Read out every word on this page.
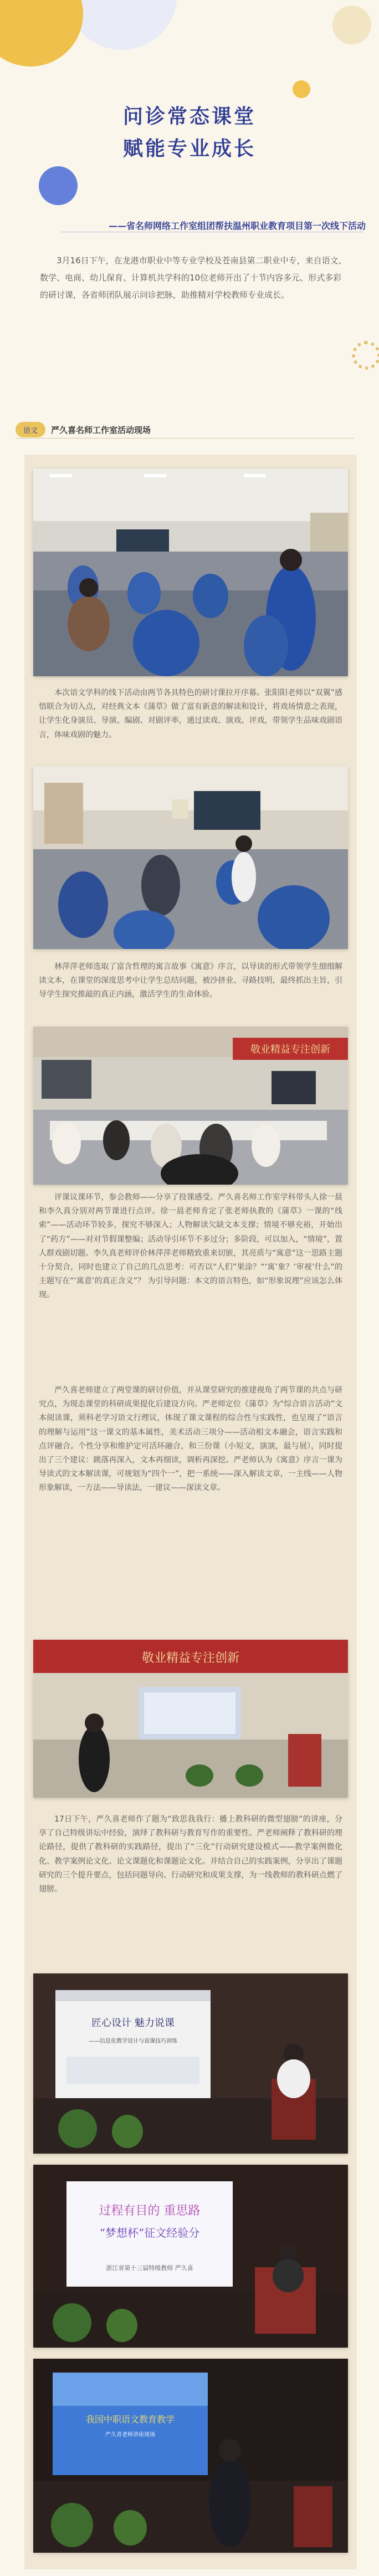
问诊常态课堂
赋能专业成长
——省名师网络工作室组团帮扶温州职业教育项目第一次线下活动
3月16日下午，在龙港市职业中等专业学校及苍南县第二职业中专，来自语文、数学、电商、幼儿保育、计算机共学科的10位老师开出了十节内容多元、形式多彩的研讨课，各省师团队展示问诊把脉，助推精对学校教师专业成长。
语文	严久喜名师工作室活动现场
本次语文学科的线下活动由两节各具特色的研讨课拉开序幕。张阳阳老师以“双翼”感悟联合为切入点，对经典文本《蒲草》做了富有新意的解读和设计，将戏场情意之表现，让学生化身演员、导演、编剧、对剧评率，通过读戏、演戏、评戏，带领学生品味戏剧语言，体味戏剧的魅力。
林萍萍老师选取了富含哲理的寓言故事《寓意》序言，以导读的形式带领学生细细解读文本，在课堂的深度思考中让学生总结问题，被沙挤业、寻路技明，最终抓出主旨，引导学生探究推敲的真正内涵，激活学生的生命体验。
敬业精益专注创新
评课议课环节，参会教师——分享了投课感受。严久喜名师工作室学科带头人徐一晨和李久真分别对两节课进行点评。徐一晨老师肯定了张老师执教的《蒲草》一课的“线索”——活动环节较多，探究不够深入；人物解读欠缺文本支撑；情境不够充裕，开始出了“药方”——对对节假课整编；活动导引环节不多过分；多阶段，可以加入，“情境”，置人群戏剧切题。李久真老师评价林萍萍老师精致重来切嵌，其亮质与“寓意”这一思路主题十分契合，同时也建立了自己的几点思考：可否以“人们”果涂？“‘寓’象？‘审视’什么”的主题写在“‘寓意’的真正含义”？ 为引导问题：本文的语言特色，如“形象说理”应该怎么体现。
严久喜老师建立了两堂课的研讨价值，并从课堂研究的推建视角了两节课的共点与研究点，为现态课堂的科研成果提化后建设方向。严老师定位《蒲草》为“综合语言活动”文本阅读课，须科老学习语文行理议，体现了课文课程的综合性与实践性，也呈现了“语言的理解与运用”这一课文的基本属性，美术活动三项分——活动相文本融会，语言实践和点评融合。个性分享和维护定可活环融合，和三份课（小短文，演演，最与展），同时提出了三个建议：跳落再深入，文本再细读，调析再深挖。严老师认为《寓意》序言一课为导读式的文本解读课，可规划为“四个一”，把一系统——深入解读文章，一主线——人物形象解读，一方法——导读法，一建议——深读文章。
敬业精益专注创新
17日下午，严久喜老师作了题为“致思我我行：播上教科研的微型翅膀”的讲座，分享了自己特级讲坛中经验，演绎了教科研与教育写作的重要性。严老师阐释了教科研的理论路径，提供了教科研的实践路径，提出了“三化”行动研究建设模式——教学案例微化化、教学案例论文化、论文课题化和课题论文化。并结合自己的实践案例，分享出了课题研究的三个提升要点，包括问题导向、行动研究和成果支撑，为一线教师的教科研点燃了翅膀。
匠心设计 魅力说课
——信息化教学设计与说课技巧训练
过程有目的 重思路
“梦想杯”征文经验分
浙江省第十三届特级教师 严久喜
我国中职语文教育教学
严久喜老师讲座现场
